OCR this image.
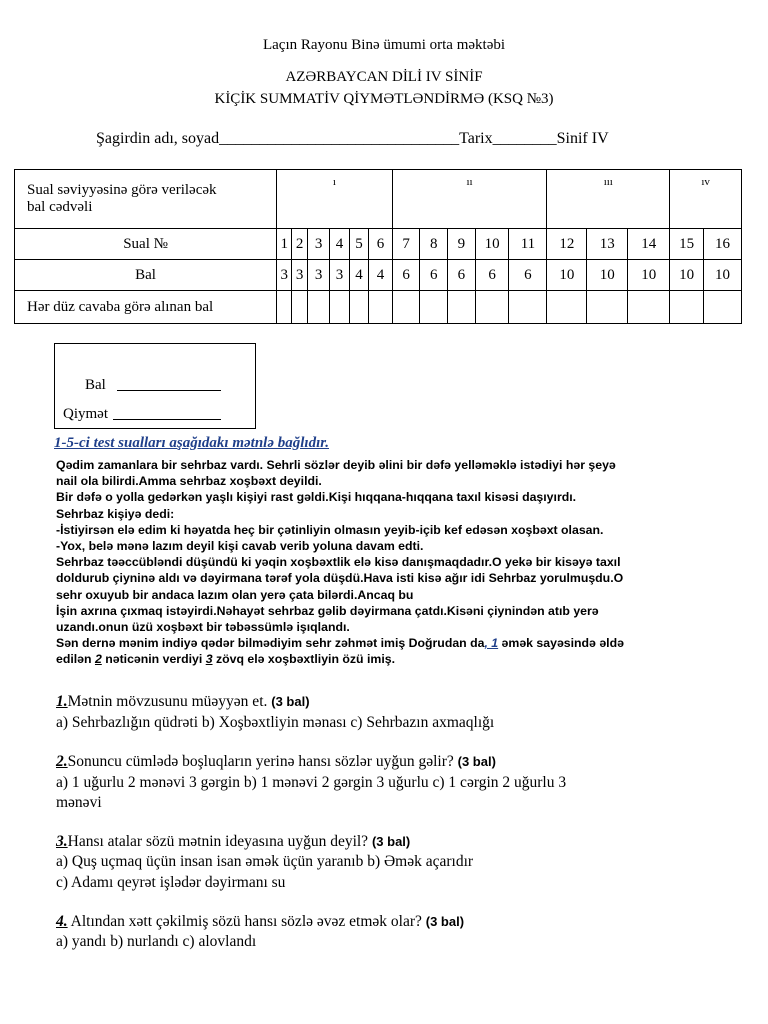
Laçın Rayonu Binə ümumi orta məktəbi
AZƏRBAYCAN DİLİ IV SİNİF
KİÇİK SUMMATİV QİYMƏTLƏNDİRMƏ (KSQ №3)
Şagirdin adı, soyad______________________________Tarix________Sinif IV
Sual səviyyəsinə görə veriləcək
bal cədvəli	ı						ıı					ııı			ıv	
Sual №	1	2	3	4	5	6	7	8	9	10	11	12	13	14	15	16
Bal	3	3	3	3	4	4	6	6	6	6	6	10	10	10	10	10
Hər düz cavaba görə alınan bal																
Bal
Qiymət
1-5-ci test sualları aşağıdakı mətnlə bağlıdır.
Qədim zamanlara bir sehrbaz vardı. Sehrli sözlər deyib əlini bir dəfə yelləməklə istədiyi hər şeyə
nail ola bilirdi.Amma sehrbaz xoşbəxt deyildi.
Bir dəfə o yolla gedərkən yaşlı kişiyi rast gəldi.Kişi hıqqana-hıqqana taxıl kisəsi daşıyırdı.
Sehrbaz kişiyə dedi:
-İstiyirsən elə edim ki həyatda heç bir çətinliyin olmasın yeyib-içib kef edəsən xoşbəxt olasan.
-Yox, belə mənə lazım deyil kişi cavab verib yoluna davam edti.
Sehrbaz təəccübləndi düşündü ki yəqin xoşbəxtlik elə kisə danışmaqdadır.O yekə bir kisəyə taxıl
doldurub çiyninə aldı və dəyirmana tərəf yola düşdü.Hava isti kisə ağır idi Sehrbaz yorulmuşdu.O
sehr oxuyub bir andaca lazım olan yerə çata bilərdi.Ancaq bu
İşin axrına çıxmaq istəyirdi.Nəhayət sehrbaz gəlib dəyirmana çatdı.Kisəni çiynindən atıb yerə
uzandı.onun üzü xoşbəxt bir təbəssümlə işıqlandı.
Sən dernə mənim indiyə qədər bilmədiyim sehr zəhmət imiş Doğrudan da, 1 əmək sayəsində əldə
edilən 2 nəticənin verdiyi 3 zövq elə xoşbəxtliyin özü imiş.
1.Mətnin mövzusunu müəyyən et. (3 bal)
a) Sehrbazlığın qüdrəti b) Xoşbəxtliyin mənası c) Sehrbazın axmaqlığı
2.Sonuncu cümlədə boşluqların yerinə hansı sözlər uyğun gəlir? (3 bal)
a) 1 uğurlu 2 mənəvi 3 gərgin b) 1 mənəvi 2 gərgin 3 uğurlu c) 1 cərgin 2 uğurlu 3
mənəvi
3.Hansı atalar sözü mətnin ideyasına uyğun deyil? (3 bal)
a) Quş uçmaq üçün insan isan əmək üçün yaranıb b) Əmək açarıdır
c) Adamı qeyrət işlədər dəyirmanı su
4. Altından xətt çəkilmiş sözü hansı sözlə əvəz etmək olar? (3 bal)
a) yandı b) nurlandı c) alovlandı
